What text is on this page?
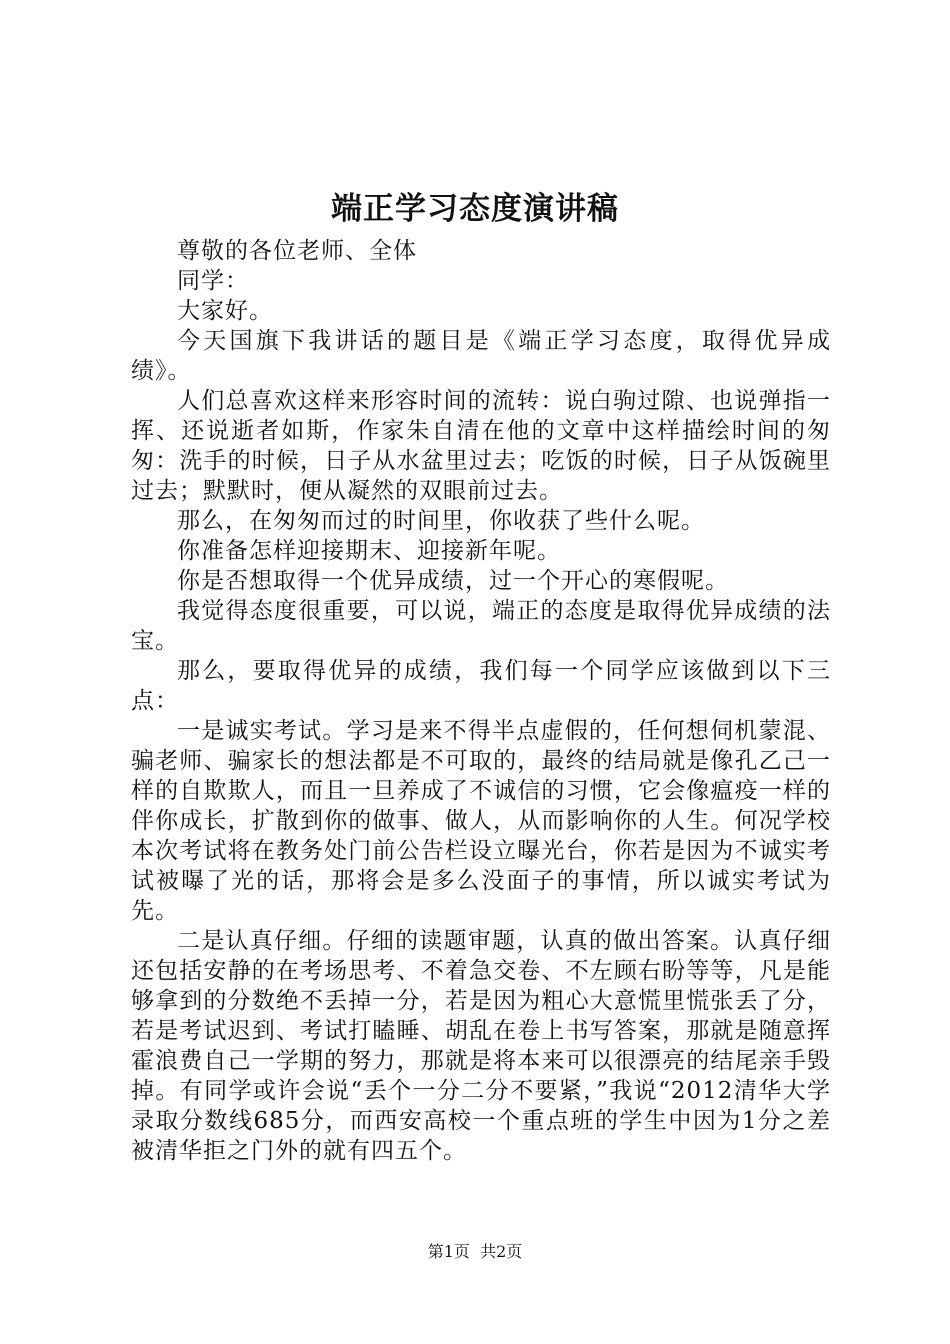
端正学习态度演讲稿

尊敬的各位老师、全体

同学：

大家好。

今天国旗下我讲话的题目是《端正学习态度，取得优异成绩》。

人们总喜欢这样来形容时间的流转：说白驹过隙、也说弹指一挥、还说逝者如斯，作家朱自清在他的文章中这样描绘时间的匆匆：洗手的时候，日子从水盆里过去；吃饭的时候，日子从饭碗里过去；默默时，便从凝然的双眼前过去。

那么，在匆匆而过的时间里，你收获了些什么呢。

你准备怎样迎接期末、迎接新年呢。

你是否想取得一个优异成绩，过一个开心的寒假呢。

我觉得态度很重要，可以说，端正的态度是取得优异成绩的法宝。

那么，要取得优异的成绩，我们每一个同学应该做到以下三点：

一是诚实考试。学习是来不得半点虚假的，任何想伺机蒙混、骗老师、骗家长的想法都是不可取的，最终的结局就是像孔乙己一样的自欺欺人，而且一旦养成了不诚信的习惯，它会像瘟疫一样的伴你成长，扩散到你的做事、做人，从而影响你的人生。何况学校本次考试将在教务处门前公告栏设立曝光台，你若是因为不诚实考试被曝了光的话，那将会是多么没面子的事情，所以诚实考试为先。

二是认真仔细。仔细的读题审题，认真的做出答案。认真仔细还包括安静的在考场思考、不着急交卷、不左顾右盼等等，凡是能够拿到的分数绝不丢掉一分，若是因为粗心大意慌里慌张丢了分，若是考试迟到、考试打瞌睡、胡乱在卷上书写答案，那就是随意挥霍浪费自己一学期的努力，那就是将本来可以很漂亮的结尾亲手毁掉。有同学或许会说“丢个一分二分不要紧，”我说“2012清华大学录取分数线685分，而西安高校一个重点班的学生中因为1分之差被清华拒之门外的就有四五个。

第1页  共2页
